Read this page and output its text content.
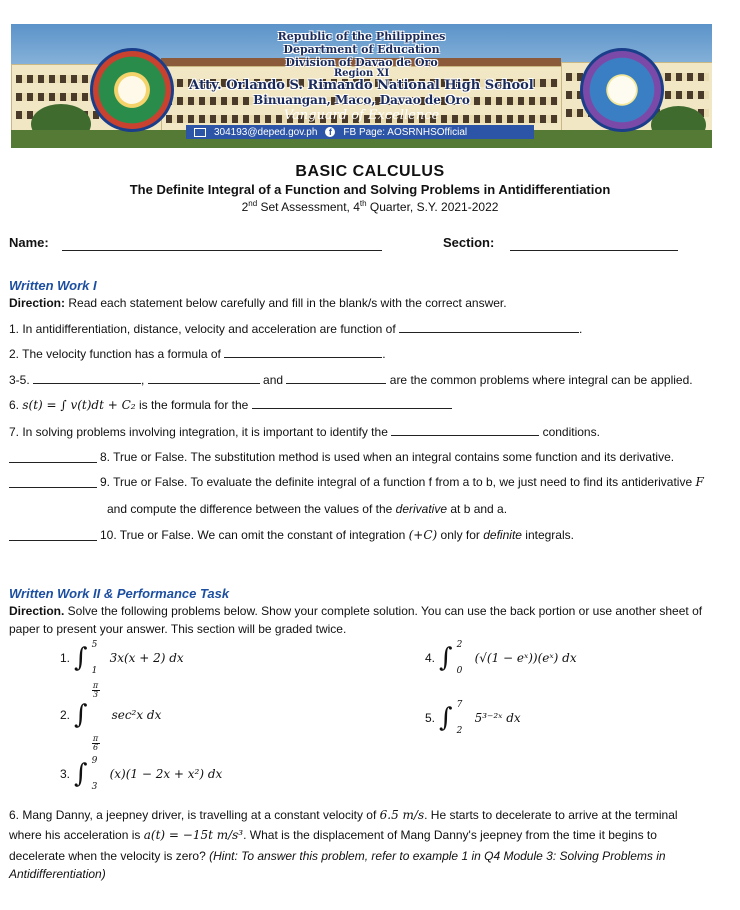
Republic of the Philippines
Department of Education
Division of Davao de Oro
Region XI
Atty. Orlando S. Rimando National High School
Binuangan, Maco, Davao de Oro
Vanguard of Excellence
304193@deped.gov.ph	f	FB Page: AOSRNHSOfficial
BASIC CALCULUS
The Definite Integral of a Function and Solving Problems in Antidifferentiation
2nd Set Assessment, 4th Quarter, S.Y. 2021-2022
Name:	Section:
Written Work I
Direction: Read each statement below carefully and fill in the blank/s with the correct answer.
1. In antidifferentiation, distance, velocity and acceleration are function of	.
2. The velocity function has a formula of	.
3-5.	,	and	are the common problems where integral can be applied.
6. s(t) = ∫ v(t)dt + C₂ is the formula for the
7. In solving problems involving integration, it is important to identify the	conditions.
8. True or False. The substitution method is used when an integral contains some function and its derivative.
9. True or False. To evaluate the definite integral of a function f from a to b, we just need to find its antiderivative F
and compute the difference between the values of the derivative at b and a.
10. True or False. We can omit the constant of integration (+C) only for definite integrals.
Written Work II & Performance Task
Direction. Solve the following problems below. Show your complete solution. You can use the back portion or use another sheet of
paper to present your answer. This section will be graded twice.
1. ∫ 5
1
3x(x + 2) dx
2. ∫
π
3
π
6
sec²x dx
3. ∫ 9
3
(x)(1 − 2x + x²) dx
4. ∫ 2
0
(√(1 − eˣ))(eˣ) dx
5. ∫ 7
2
5³⁻²ˣ dx
6. Mang Danny, a jeepney driver, is travelling at a constant velocity of 6.5 m/s. He starts to decelerate to arrive at the terminal
where his acceleration is a(t) = −15t m/s³. What is the displacement of Mang Danny's jeepney from the time it begins to
decelerate when the velocity is zero? (Hint: To answer this problem, refer to example 1 in Q4 Module 3: Solving Problems in
Antidifferentiation)
